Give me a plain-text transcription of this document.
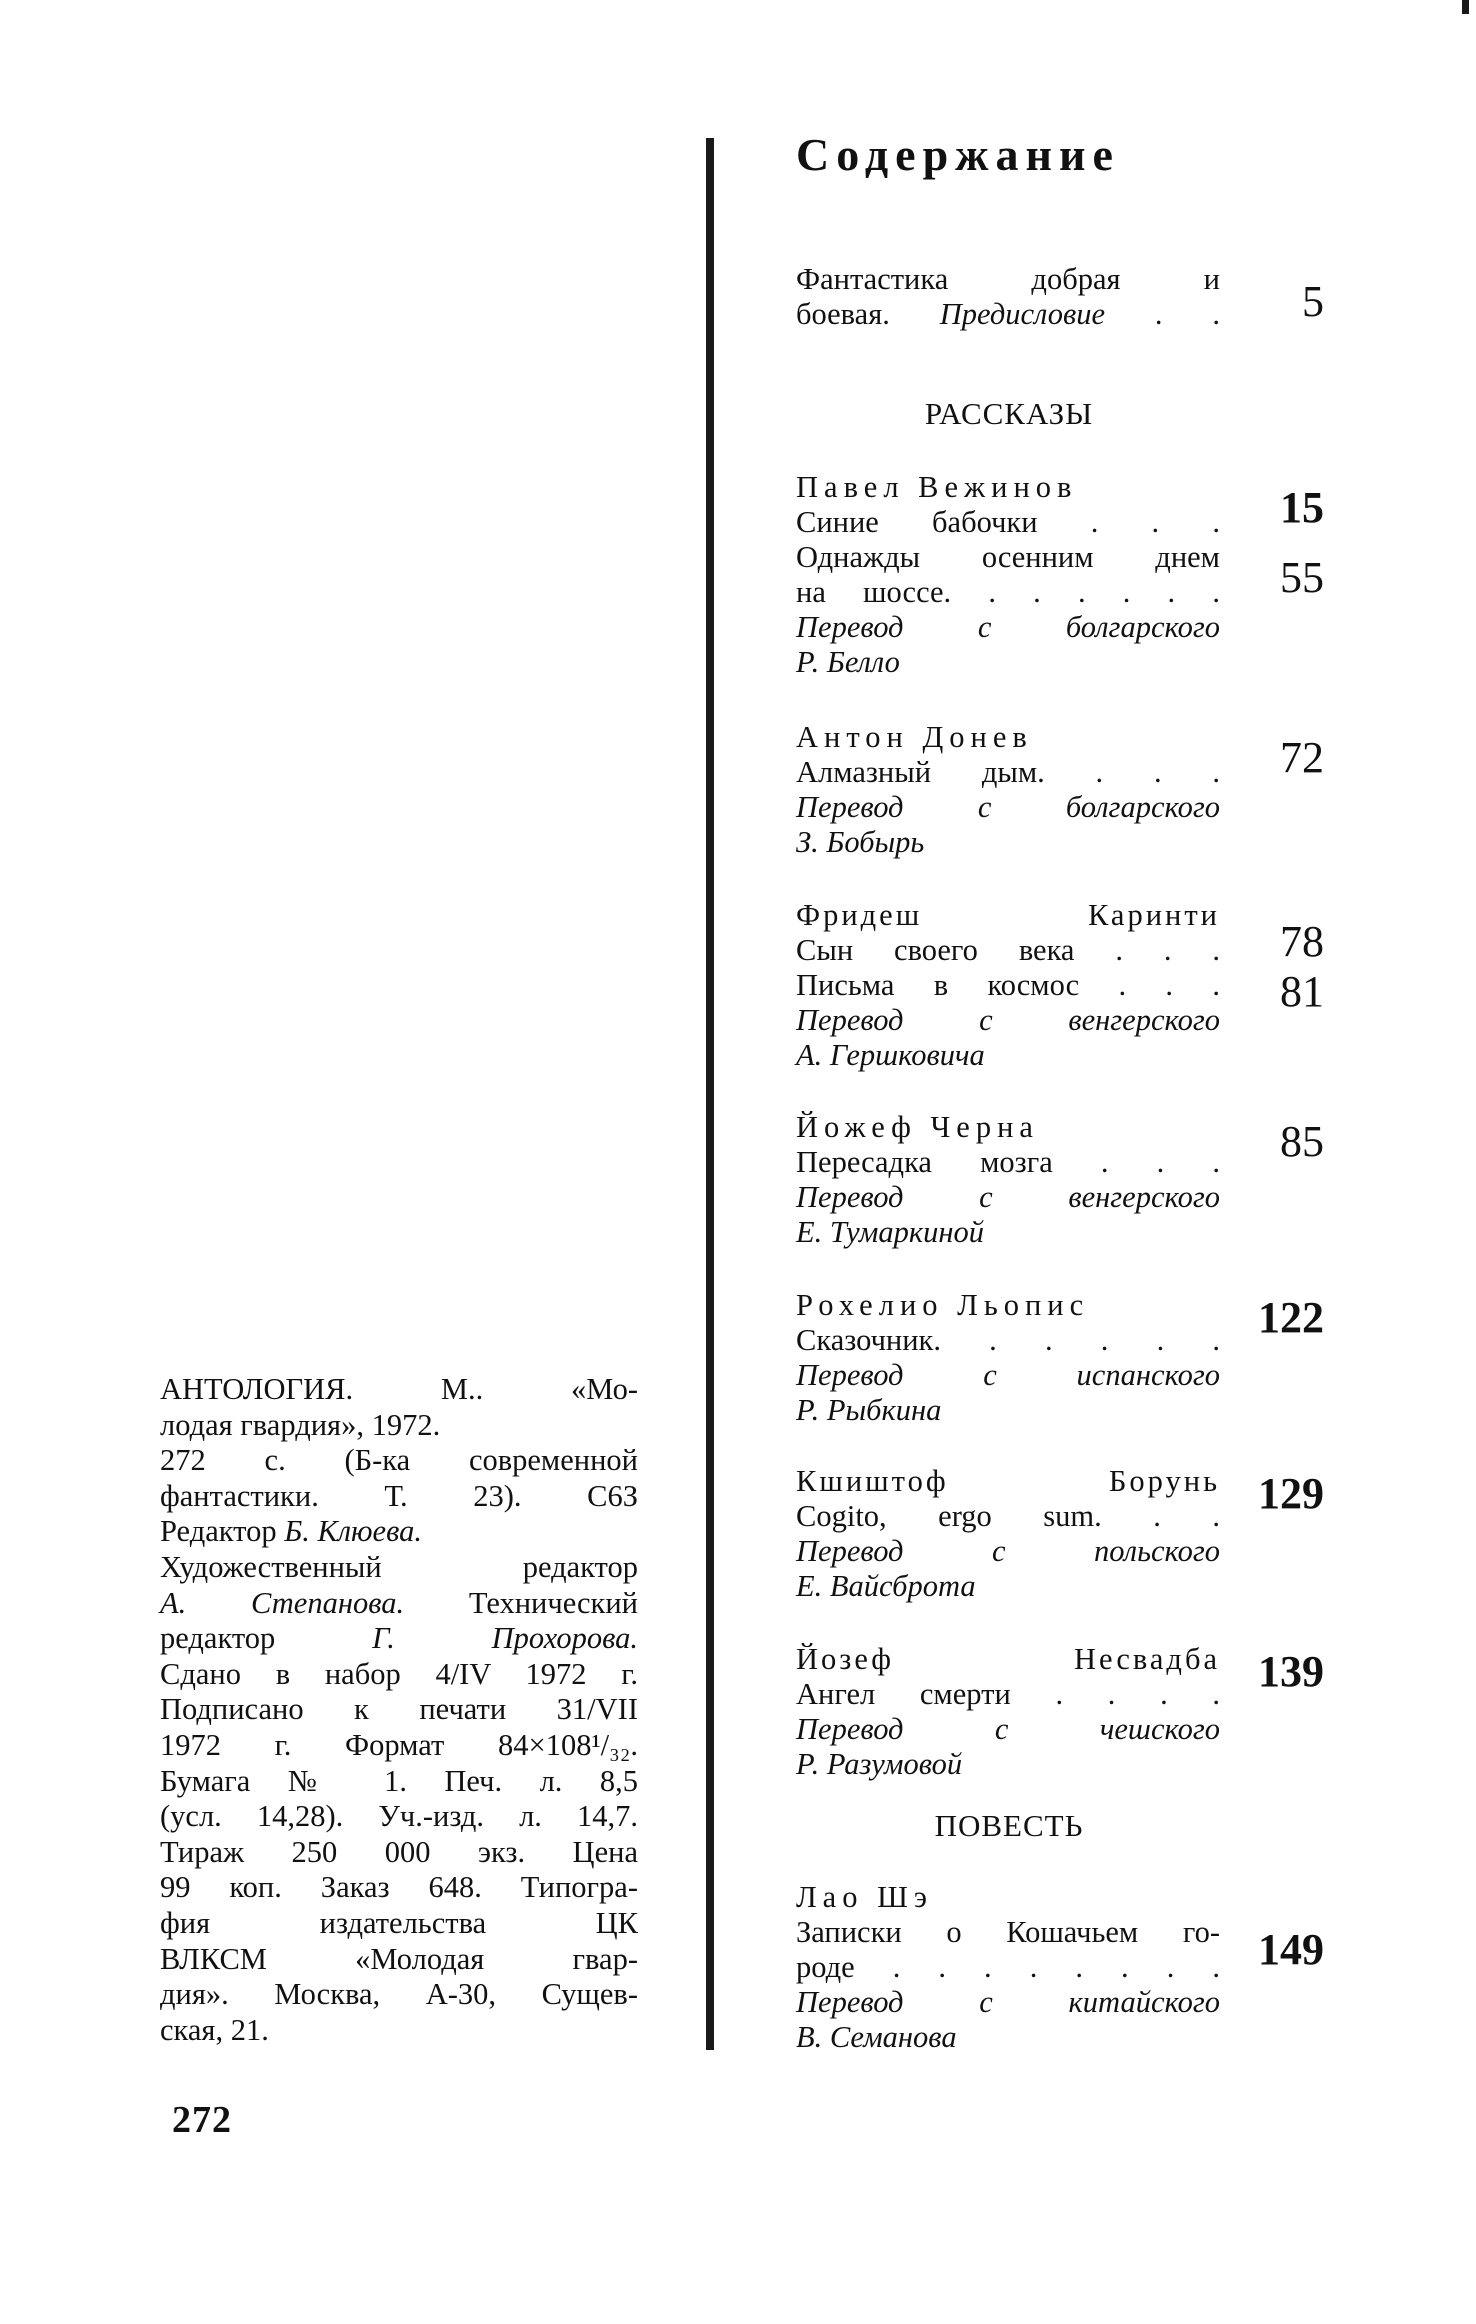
АНТОЛОГИЯ. М.. «Мо-
лодая гвардия», 1972.
272 с. (Б-ка современной
фантастики. Т. 23). С6З
Редактор Б. Клюева.
Художественный редактор
А. Степанова. Технический
редактор	Г. Прохорова.
Сдано в набор 4/IV 1972 г.
Подписано к печати 31/VII
1972 г. Формат 84×108¹/₃₂.
Бумага № 1. Печ. л. 8,5
(усл. 14,28). Уч.-изд. л. 14,7.
Тираж 250 000 экз. Цена
99 коп. Заказ 648. Типогра-
фия издательства ЦК
ВЛКСМ «Молодая гвар-
дия». Москва, А-30, Сущев-
ская, 21.
272
Содержание
Фантастика добрая и
боевая. Предисловие . .	5
РАССКАЗЫ
Павел Вежинов
Синие бабочки . . .
Однажды осенним днем
на шоссе. . . . . . .
Перевод с болгарского
Р. Белло
15
55
Антон Донев
Алмазный дым. . . .
Перевод с болгарского
З. Бобырь
72
Фридеш Каринти
Сын своего века . . .
Письма в космос . . .
Перевод с венгерского
А. Гершковича
78
81
Йожеф Черна
Пересадка мозга . . .
Перевод с венгерского
Е. Тумаркиной
85
Рохелио Льопис
Сказочник. . . . . .
Перевод с испанского
Р. Рыбкина
122
Кшиштоф Борунь
Cogito, ergo sum. . .
Перевод с польского
Е. Вайсброта
129
Йозеф Несвадба
Ангел смерти . . . .
Перевод с чешского
Р. Разумовой
139
ПОВЕСТЬ
Лао Шэ
Записки о Кошачьем го-
роде . . . . . . . .
Перевод с китайского
В. Семанова
149
